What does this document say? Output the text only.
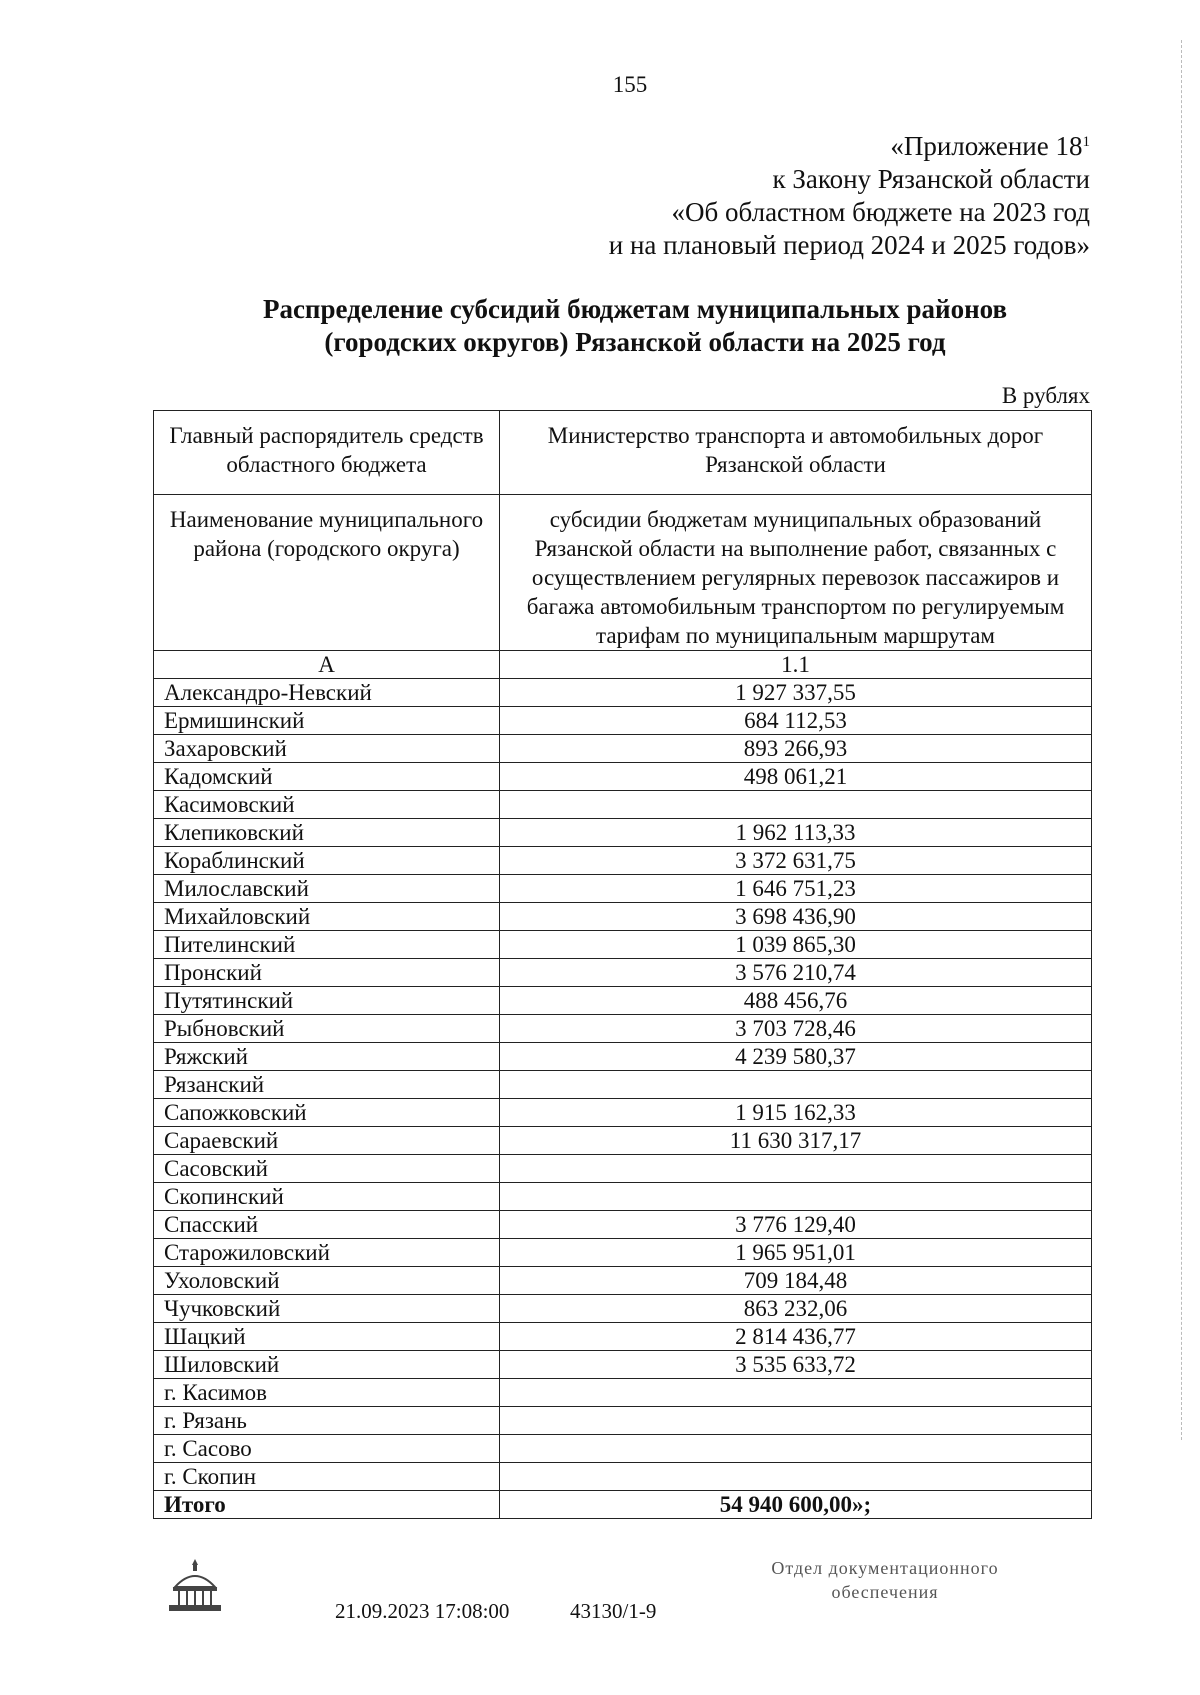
155
«Приложение $18^1$
к Закону Рязанской области
«Об областном бюджете на 2023 год
и на плановый период 2024 и 2025 годов»
Распределение субсидий бюджетам муниципальных районов
(городских округов) Рязанской области на 2025 год
В рублях
Главный распорядитель средств областного бюджета	Министерство транспорта и автомобильных дорог Рязанской области
Наименование муниципального района (городского округа)	субсидии бюджетам муниципальных образований Рязанской области на выполнение работ, связанных с осуществлением регулярных перевозок пассажиров и багажа автомобильным транспортом по регулируемым тарифам по муниципальным маршрутам
А	1.1
Александро-Невский	1 927 337,55
Ермишинский	684 112,53
Захаровский	893 266,93
Кадомский	498 061,21
Касимовский	
Клепиковский	1 962 113,33
Кораблинский	3 372 631,75
Милославский	1 646 751,23
Михайловский	3 698 436,90
Пителинский	1 039 865,30
Пронский	3 576 210,74
Путятинский	488 456,76
Рыбновский	3 703 728,46
Ряжский	4 239 580,37
Рязанский	
Сапожковский	1 915 162,33
Сараевский	11 630 317,17
Сасовский	
Скопинский	
Спасский	3 776 129,40
Старожиловский	1 965 951,01
Ухоловский	709 184,48
Чучковский	863 232,06
Шацкий	2 814 436,77
Шиловский	3 535 633,72
г. Касимов	
г. Рязань	
г. Сасово	
г. Скопин	
Итого	54 940 600,00»;
21.09.2023 17:08:00	43130/1-9
Отдел документационного
обеспечения
